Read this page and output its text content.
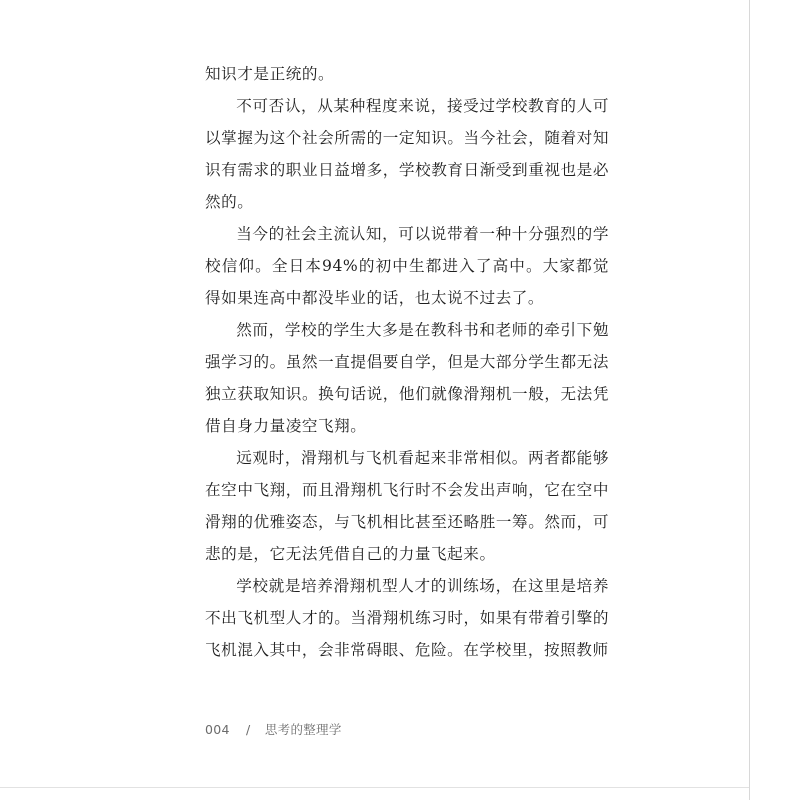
知识才是正统的。

不可否认，从某种程度来说，接受过学校教育的人可以掌握为这个社会所需的一定知识。当今社会，随着对知识有需求的职业日益增多，学校教育日渐受到重视也是必然的。

当今的社会主流认知，可以说带着一种十分强烈的学校信仰。全日本94%的初中生都进入了高中。大家都觉得如果连高中都没毕业的话，也太说不过去了。

然而，学校的学生大多是在教科书和老师的牵引下勉强学习的。虽然一直提倡要自学，但是大部分学生都无法独立获取知识。换句话说，他们就像滑翔机一般，无法凭借自身力量凌空飞翔。

远观时，滑翔机与飞机看起来非常相似。两者都能够在空中飞翔，而且滑翔机飞行时不会发出声响，它在空中滑翔的优雅姿态，与飞机相比甚至还略胜一筹。然而，可悲的是，它无法凭借自己的力量飞起来。

学校就是培养滑翔机型人才的训练场，在这里是培养不出飞机型人才的。当滑翔机练习时，如果有带着引擎的飞机混入其中，会非常碍眼、危险。在学校里，按照教师

004 / 思考的整理学
